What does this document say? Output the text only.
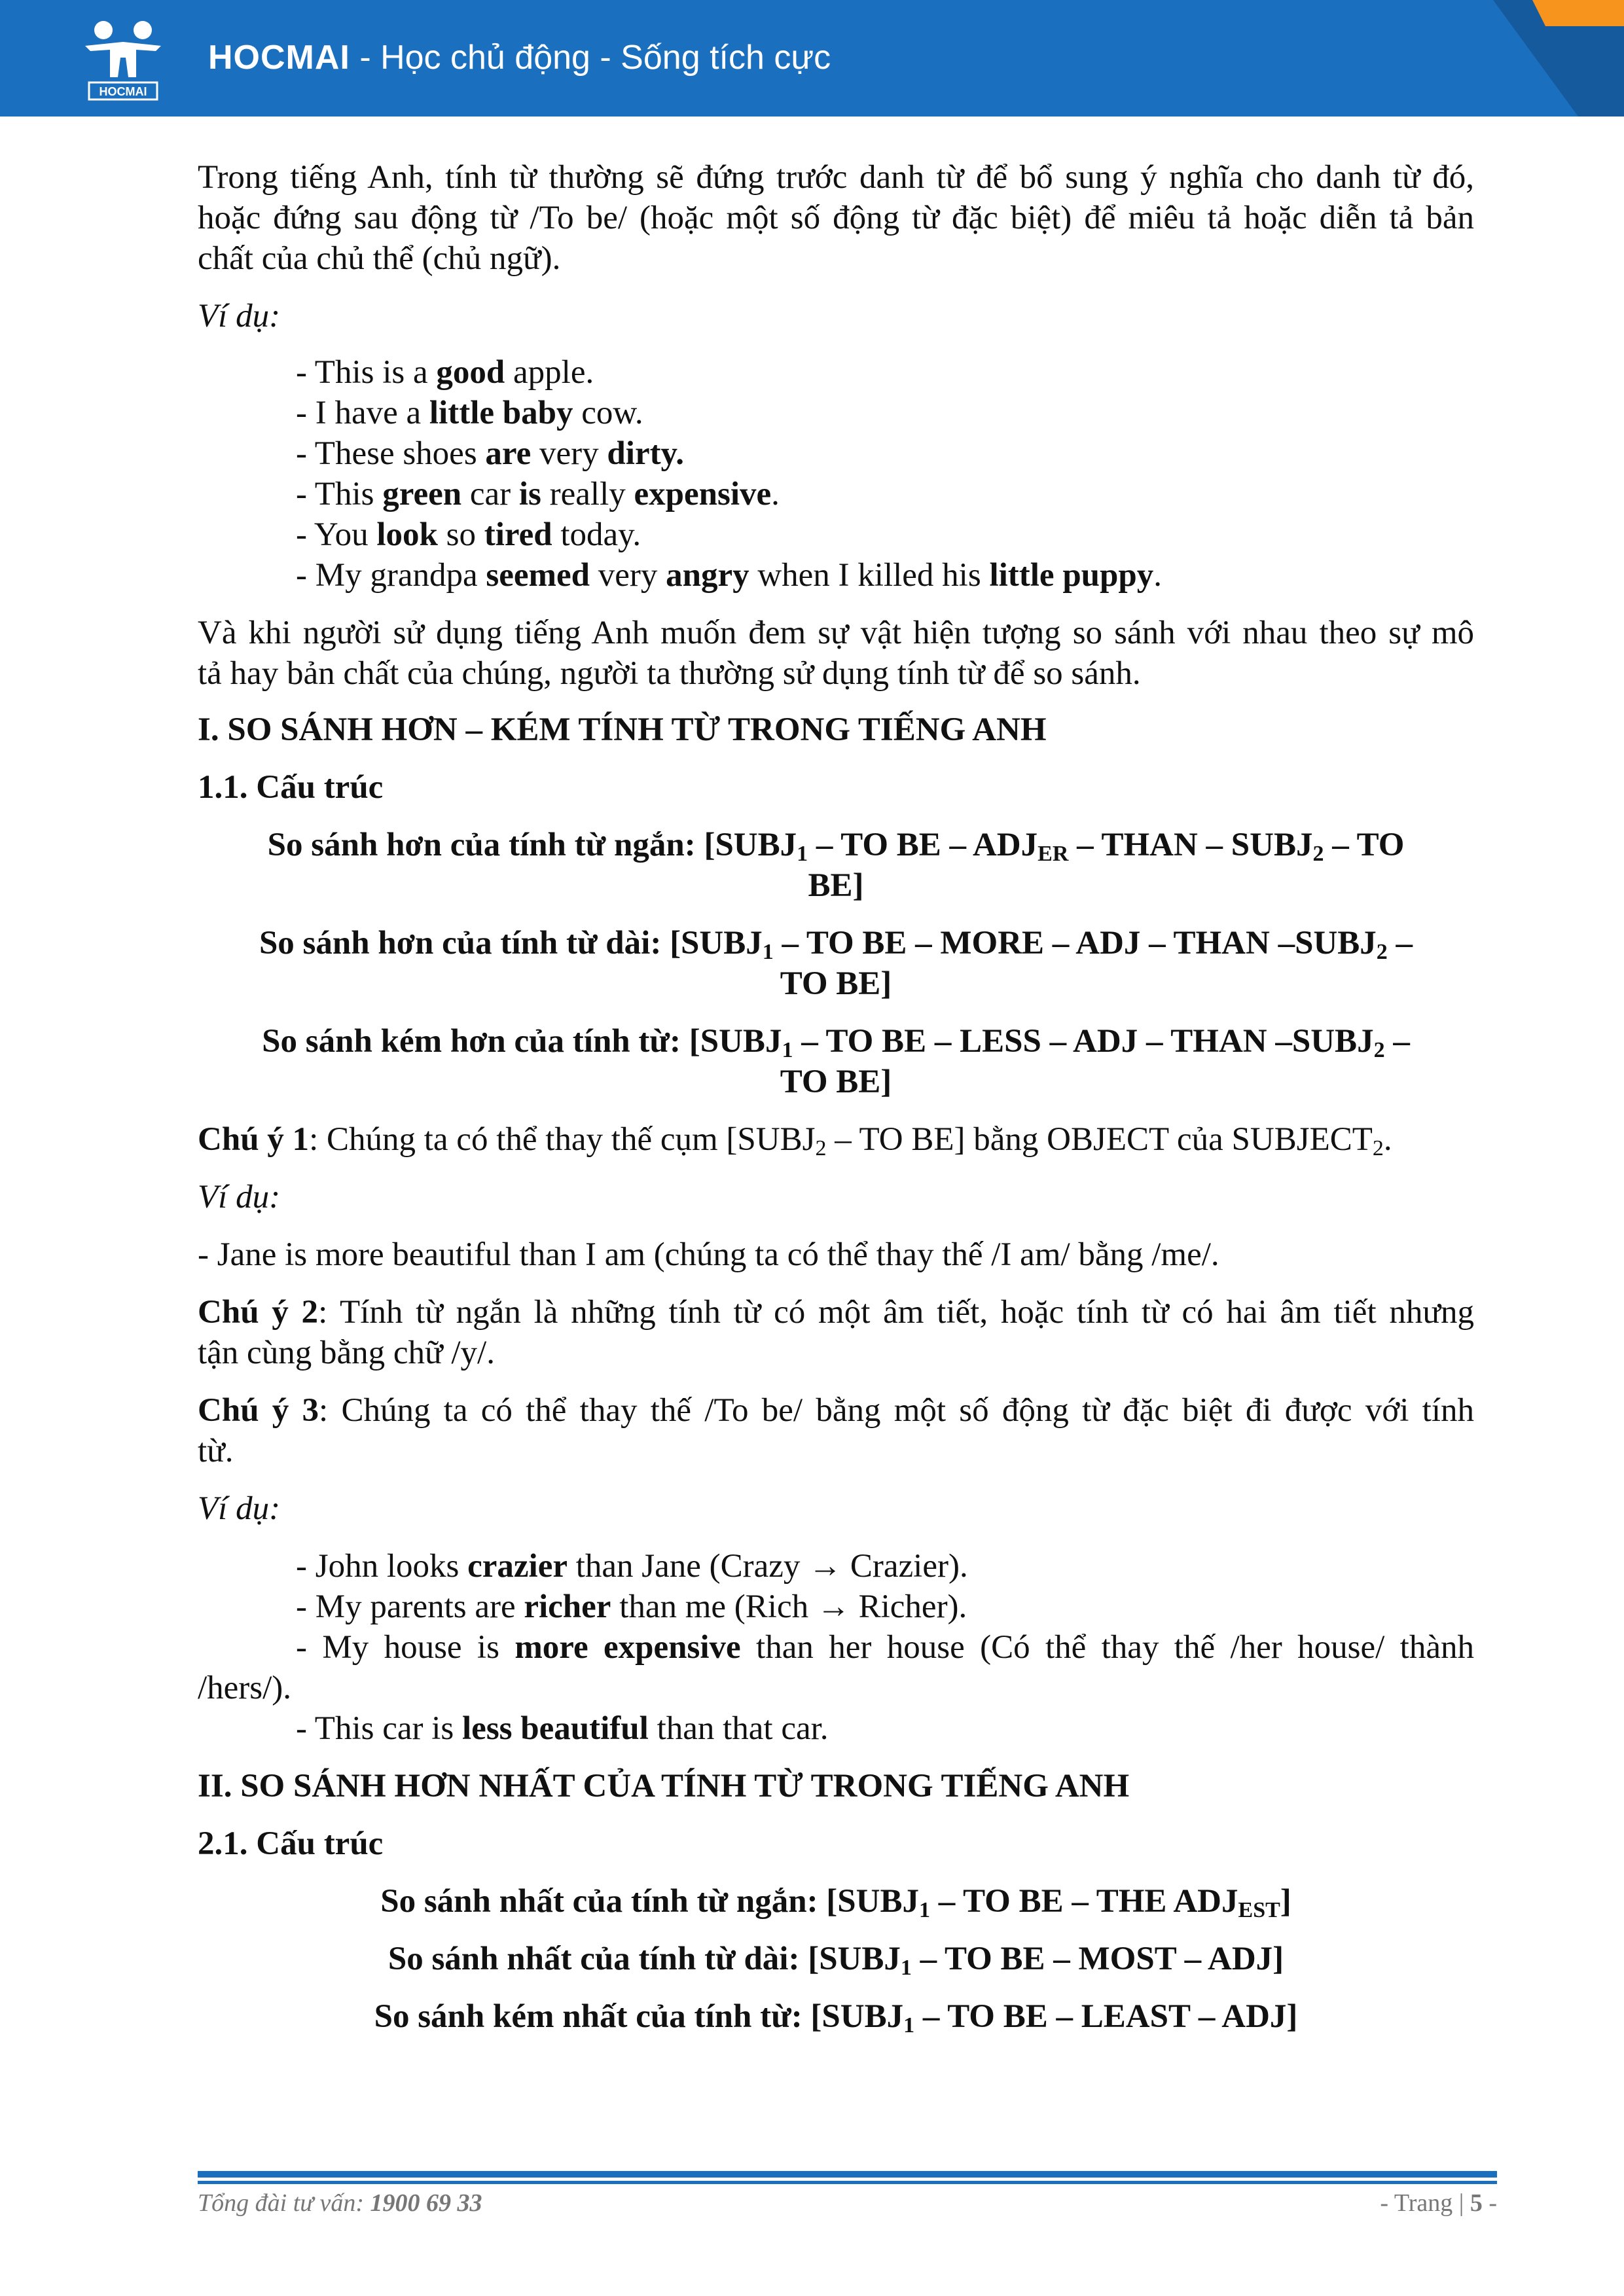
HOCMAI
HOCMAI - Học chủ động - Sống tích cực
Trong tiếng Anh, tính từ thường sẽ đứng trước danh từ để bổ sung ý nghĩa cho danh từ đó,
hoặc đứng sau động từ /To be/ (hoặc một số động từ đặc biệt) để miêu tả hoặc diễn tả bản
chất của chủ thể (chủ ngữ).
Ví dụ:
- This is a good apple.
- I have a little baby cow.
- These shoes are very dirty.
- This green car is really expensive.
- You look so tired today.
- My grandpa seemed very angry when I killed his little puppy.
Và khi người sử dụng tiếng Anh muốn đem sự vật hiện tượng so sánh với nhau theo sự mô
tả hay bản chất của chúng, người ta thường sử dụng tính từ để so sánh.
I. SO SÁNH HƠN – KÉM TÍNH TỪ TRONG TIẾNG ANH
1.1. Cấu trúc
So sánh hơn của tính từ ngắn: [$SUBJ_1$ – TO BE – $ADJ_{ER}$ – THAN – $SUBJ_2$ – TO
BE]
So sánh hơn của tính từ dài: [$SUBJ_1$ – TO BE – MORE – ADJ – THAN $-SUBJ_2$ –
TO BE]
So sánh kém hơn của tính từ: [$SUBJ_1$ – TO BE – LESS – ADJ – THAN $-SUBJ_2$ –
TO BE]
Chú ý 1: Chúng ta có thể thay thế cụm [$SUBJ_2$ – TO BE] bằng OBJECT của $SUBJECT_2$.
Ví dụ:
- Jane is more beautiful than I am (chúng ta có thể thay thế /I am/ bằng /me/.
Chú ý 2: Tính từ ngắn là những tính từ có một âm tiết, hoặc tính từ có hai âm tiết nhưng
tận cùng bằng chữ /y/.
Chú ý 3: Chúng ta có thể thay thế /To be/ bằng một số động từ đặc biệt đi được với tính
từ.
Ví dụ:
- John looks crazier than Jane (Crazy → Crazier).
- My parents are richer than me (Rich → Richer).
- My house is more expensive than her house (Có thể thay thế /her house/ thành
/hers/).
- This car is less beautiful than that car.
II. SO SÁNH HƠN NHẤT CỦA TÍNH TỪ TRONG TIẾNG ANH
2.1. Cấu trúc
So sánh nhất của tính từ ngắn: [$SUBJ_1$ – TO BE – THE $ADJ_{EST}$]
So sánh nhất của tính từ dài: [$SUBJ_1$ – TO BE – MOST – ADJ]
So sánh kém nhất của tính từ: [$SUBJ_1$ – TO BE – LEAST – ADJ]
Tổng đài tư vấn: 1900 69 33	- Trang | 5 -
